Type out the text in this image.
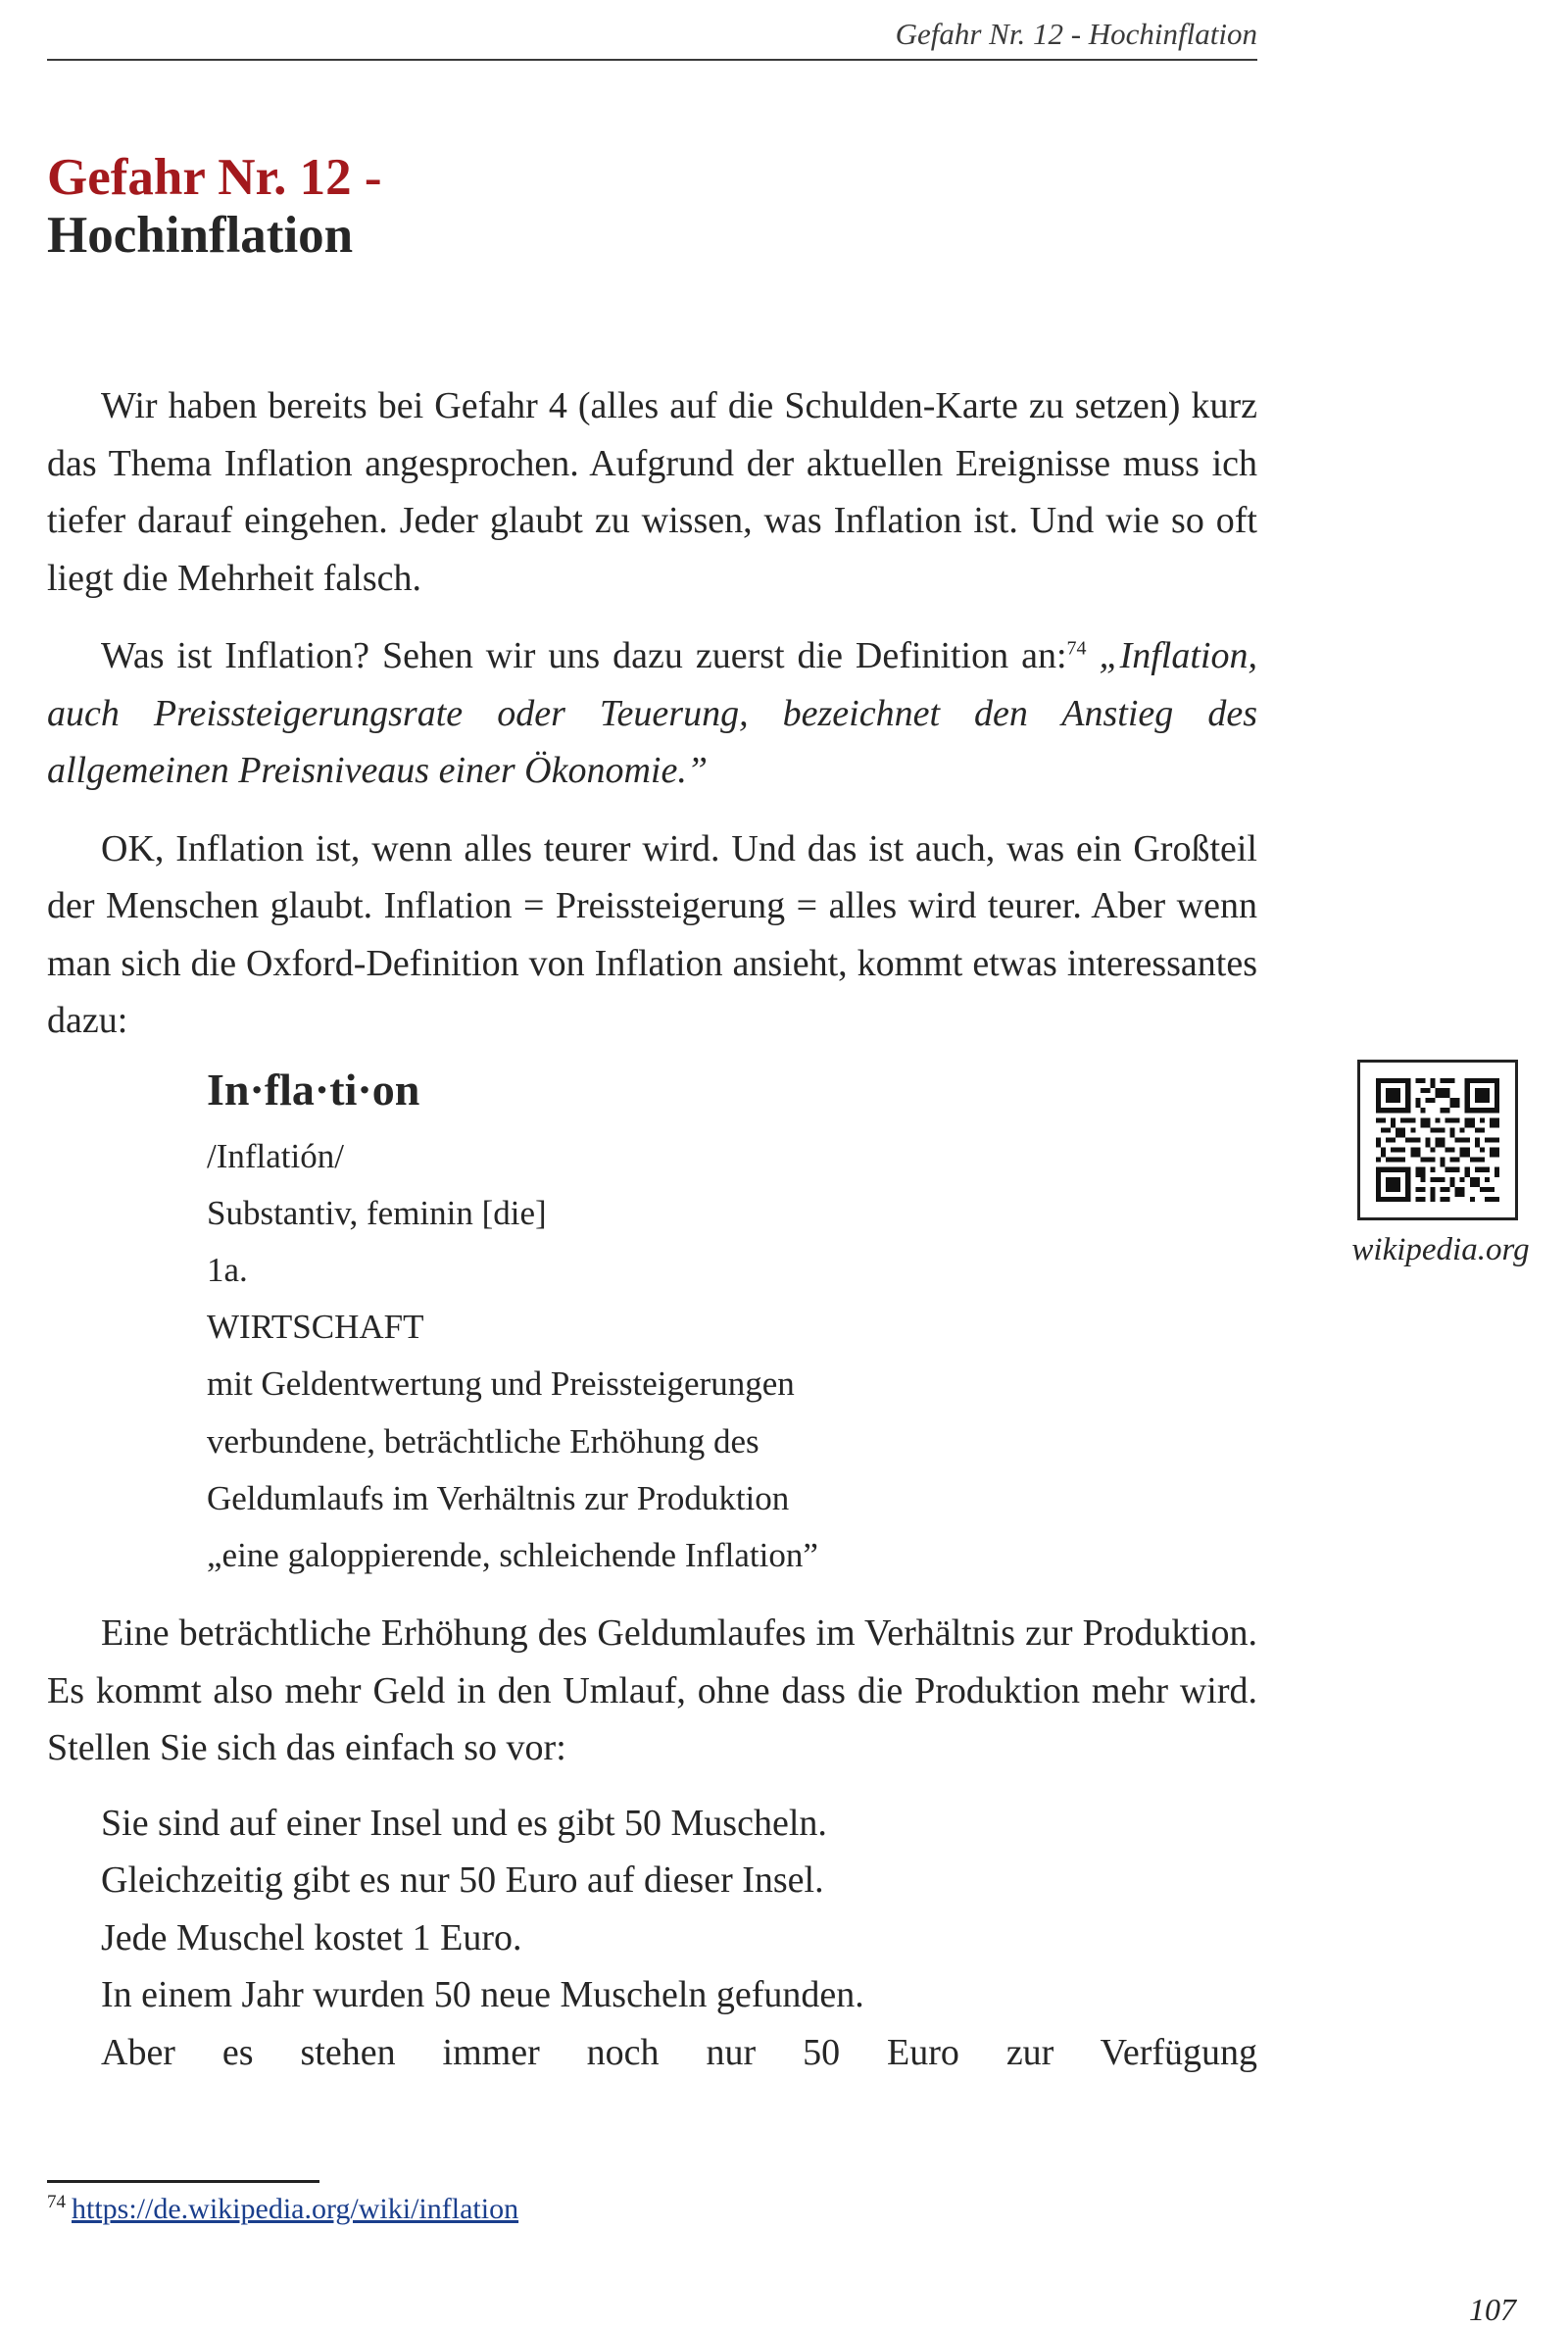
Gefahr Nr. 12 - Hochinflation
Gefahr Nr. 12 -
Hochinflation

Wir haben bereits bei Gefahr 4 (alles auf die Schulden-Karte zu setzen) kurz das Thema Inflation angesprochen. Aufgrund der aktuellen Ereignisse muss ich tiefer darauf eingehen. Jeder glaubt zu wissen, was Inflation ist. Und wie so oft liegt die Mehrheit falsch.

Was ist Inflation? Sehen wir uns dazu zuerst die Definition an:$^{74}$ „Inflation, auch Preissteigerungsrate oder Teuerung, bezeichnet den Anstieg des allgemeinen Preisniveaus einer Ökonomie.”

OK, Inflation ist, wenn alles teurer wird. Und das ist auch, was ein Großteil der Menschen glaubt. Inflation = Preissteigerung = alles wird teurer. Aber wenn man sich die Oxford-Definition von Inflation ansieht, kommt etwas interessantes dazu:

In·fla·ti·on
/Inflatión/
Substantiv, feminin [die]
1a.
WIRTSCHAFT
mit Geldentwertung und Preissteigerungen
verbundene, beträchtliche Erhöhung des
Geldumlaufs im Verhältnis zur Produktion
„eine galoppierende, schleichende Inflation”

Eine beträchtliche Erhöhung des Geldumlaufes im Verhältnis zur Produktion. Es kommt also mehr Geld in den Umlauf, ohne dass die Produktion mehr wird. Stellen Sie sich das einfach so vor:

Sie sind auf einer Insel und es gibt 50 Muscheln.
Gleichzeitig gibt es nur 50 Euro auf dieser Insel.
Jede Muschel kostet 1 Euro.
In einem Jahr wurden 50 neue Muscheln gefunden.
Aber es stehen immer noch nur 50 Euro zur Verfügung
wikipedia.org
$^{74}$ https://de.wikipedia.org/wiki/inflation
107
